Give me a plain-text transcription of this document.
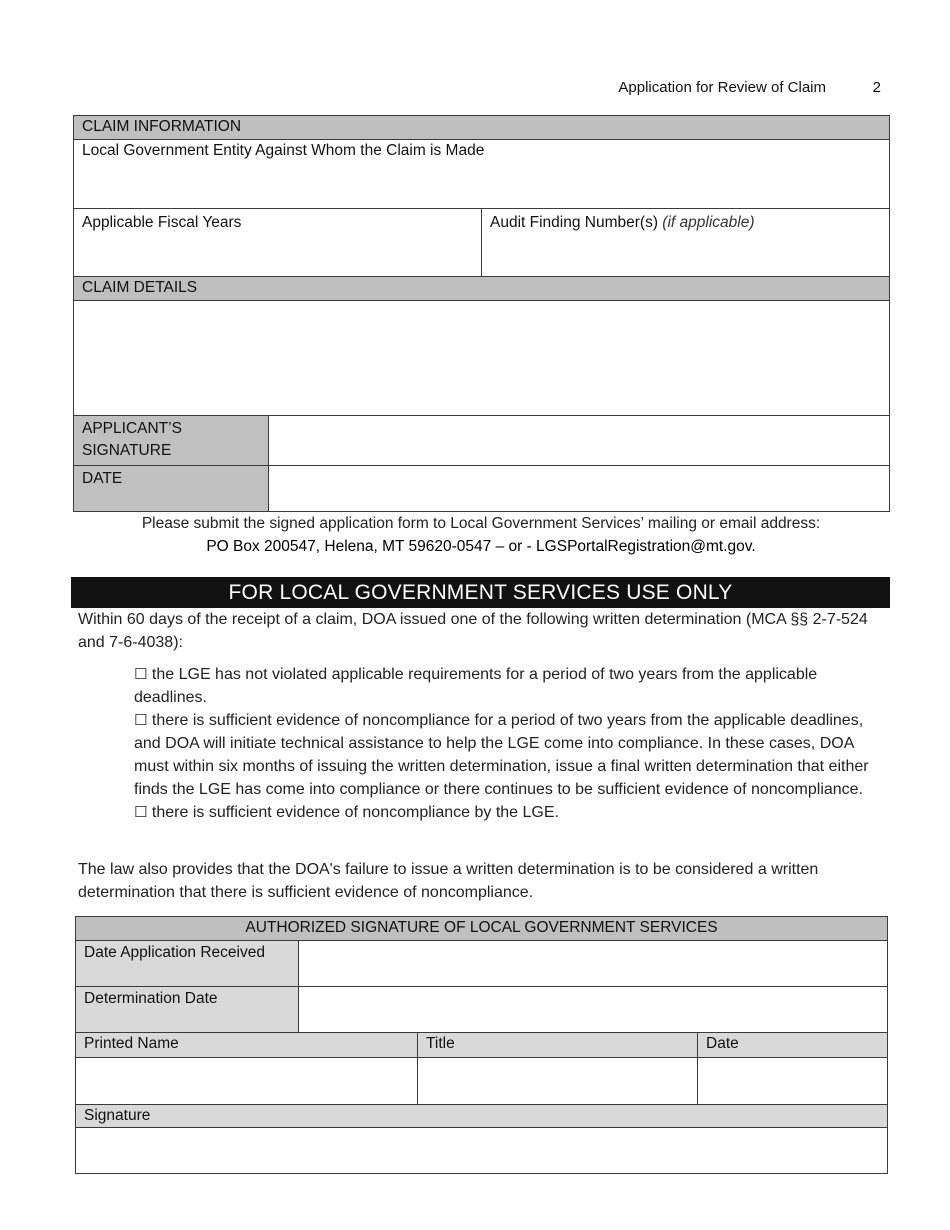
Application for Review of Claim	2
CLAIM INFORMATION		
Local Government Entity Against Whom the Claim is Made		
Applicable Fiscal Years		Audit Finding Number(s) (if applicable)
CLAIM DETAILS		

APPLICANT’S SIGNATURE		
DATE		
Please submit the signed application form to Local Government Services’ mailing or email address:
PO Box 200547, Helena, MT 59620-0547 – or - LGSPortalRegistration@mt.gov.
FOR LOCAL GOVERNMENT SERVICES USE ONLY
Within 60 days of the receipt of a claim, DOA issued one of the following written determination (MCA §§ 2-7-524 and 7-6-4038):
☐ the LGE has not violated applicable requirements for a period of two years from the applicable deadlines.
☐ there is sufficient evidence of noncompliance for a period of two years from the applicable deadlines, and DOA will initiate technical assistance to help the LGE come into compliance. In these cases, DOA must within six months of issuing the written determination, issue a final written determination that either finds the LGE has come into compliance or there continues to be sufficient evidence of noncompliance.
☐ there is sufficient evidence of noncompliance by the LGE.
The law also provides that the DOA's failure to issue a written determination is to be considered a written determination that there is sufficient evidence of noncompliance.
AUTHORIZED SIGNATURE OF LOCAL GOVERNMENT SERVICES			
Date Application Received			
Determination Date			
Printed Name		Title	Date

Signature			
